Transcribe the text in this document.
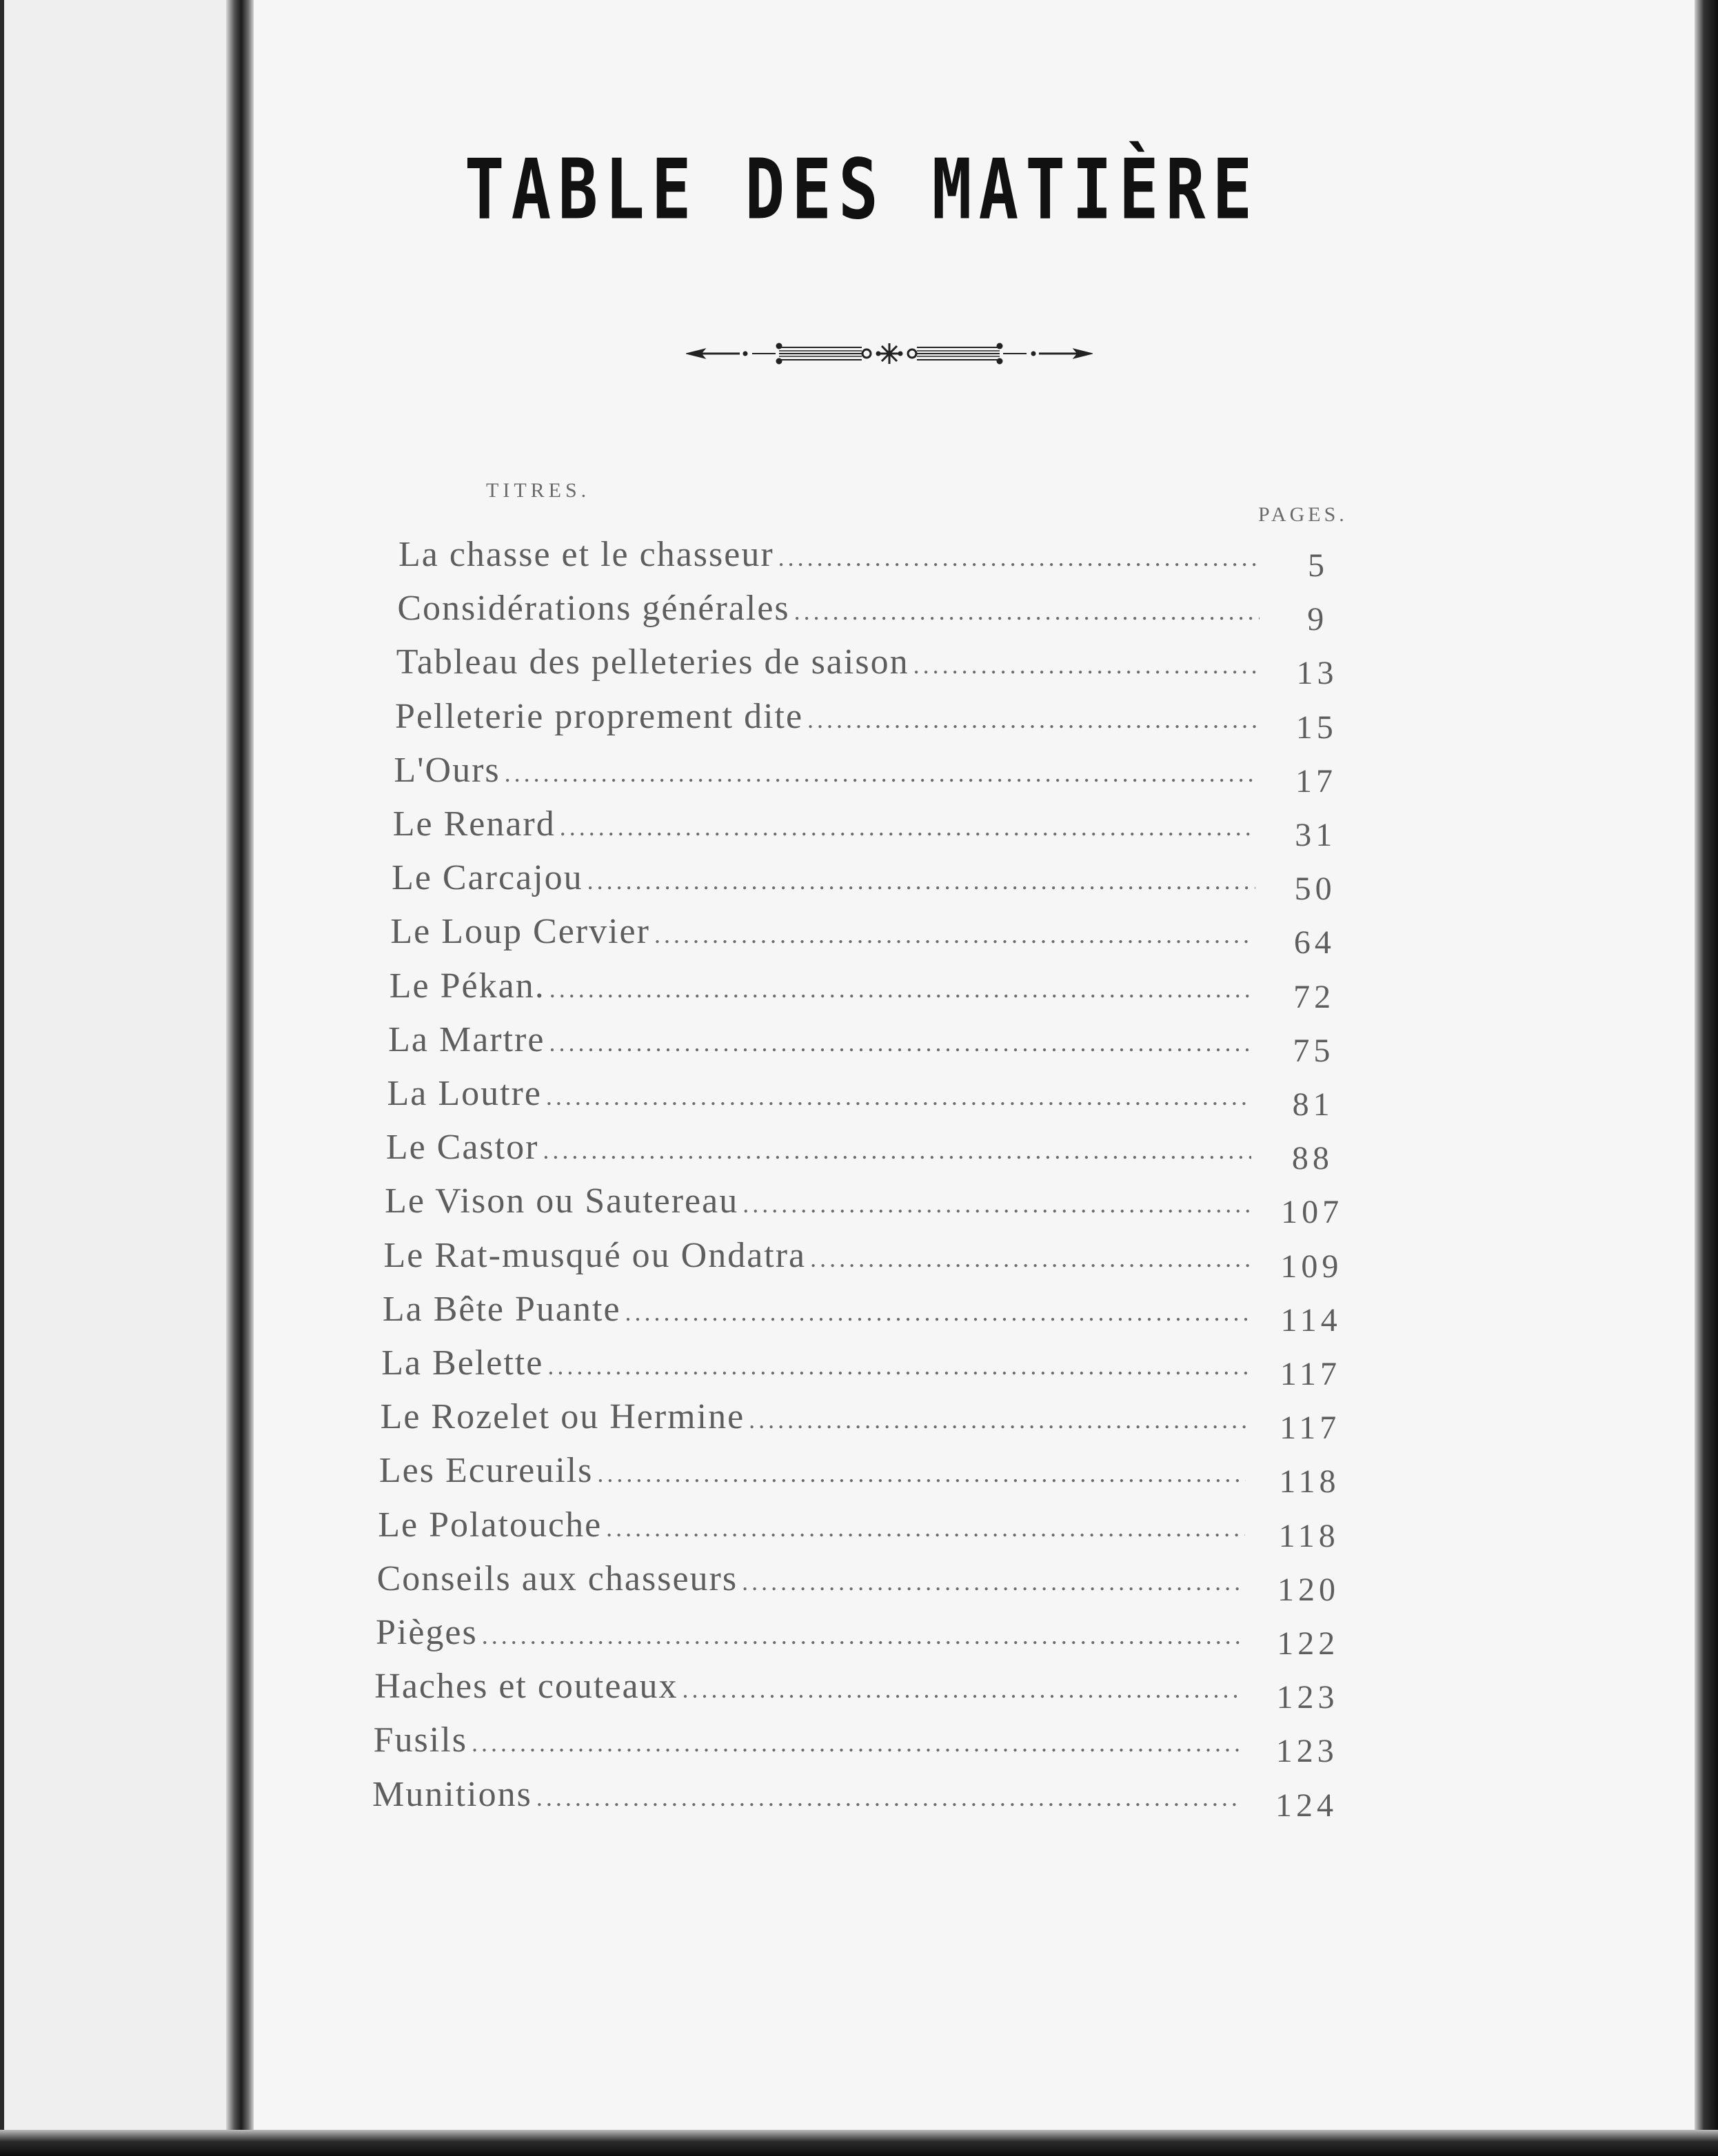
TABLE DES MATIÈRE
TITRES.
PAGES.
La chasse et le chasseur .....	5
Considérations générales .....	9
Tableau des pelleteries de saison .....	13
Pelleterie proprement dite .....	15
L'Ours .....	17
Le Renard .....	31
Le Carcajou .....	50
Le Loup Cervier .....	64
Le Pékan. .....	72
La Martre .....	75
La Loutre .....	81
Le Castor .....	88
Le Vison ou Sautereau .....	107
Le Rat-musqué ou Ondatra .....	109
La Bête Puante .....	114
La Belette .....	117
Le Rozelet ou Hermine .....	117
Les Ecureuils .....	118
Le Polatouche .....	118
Conseils aux chasseurs .....	120
Pièges .....	122
Haches et couteaux .....	123
Fusils .....	123
Munitions .....	124
